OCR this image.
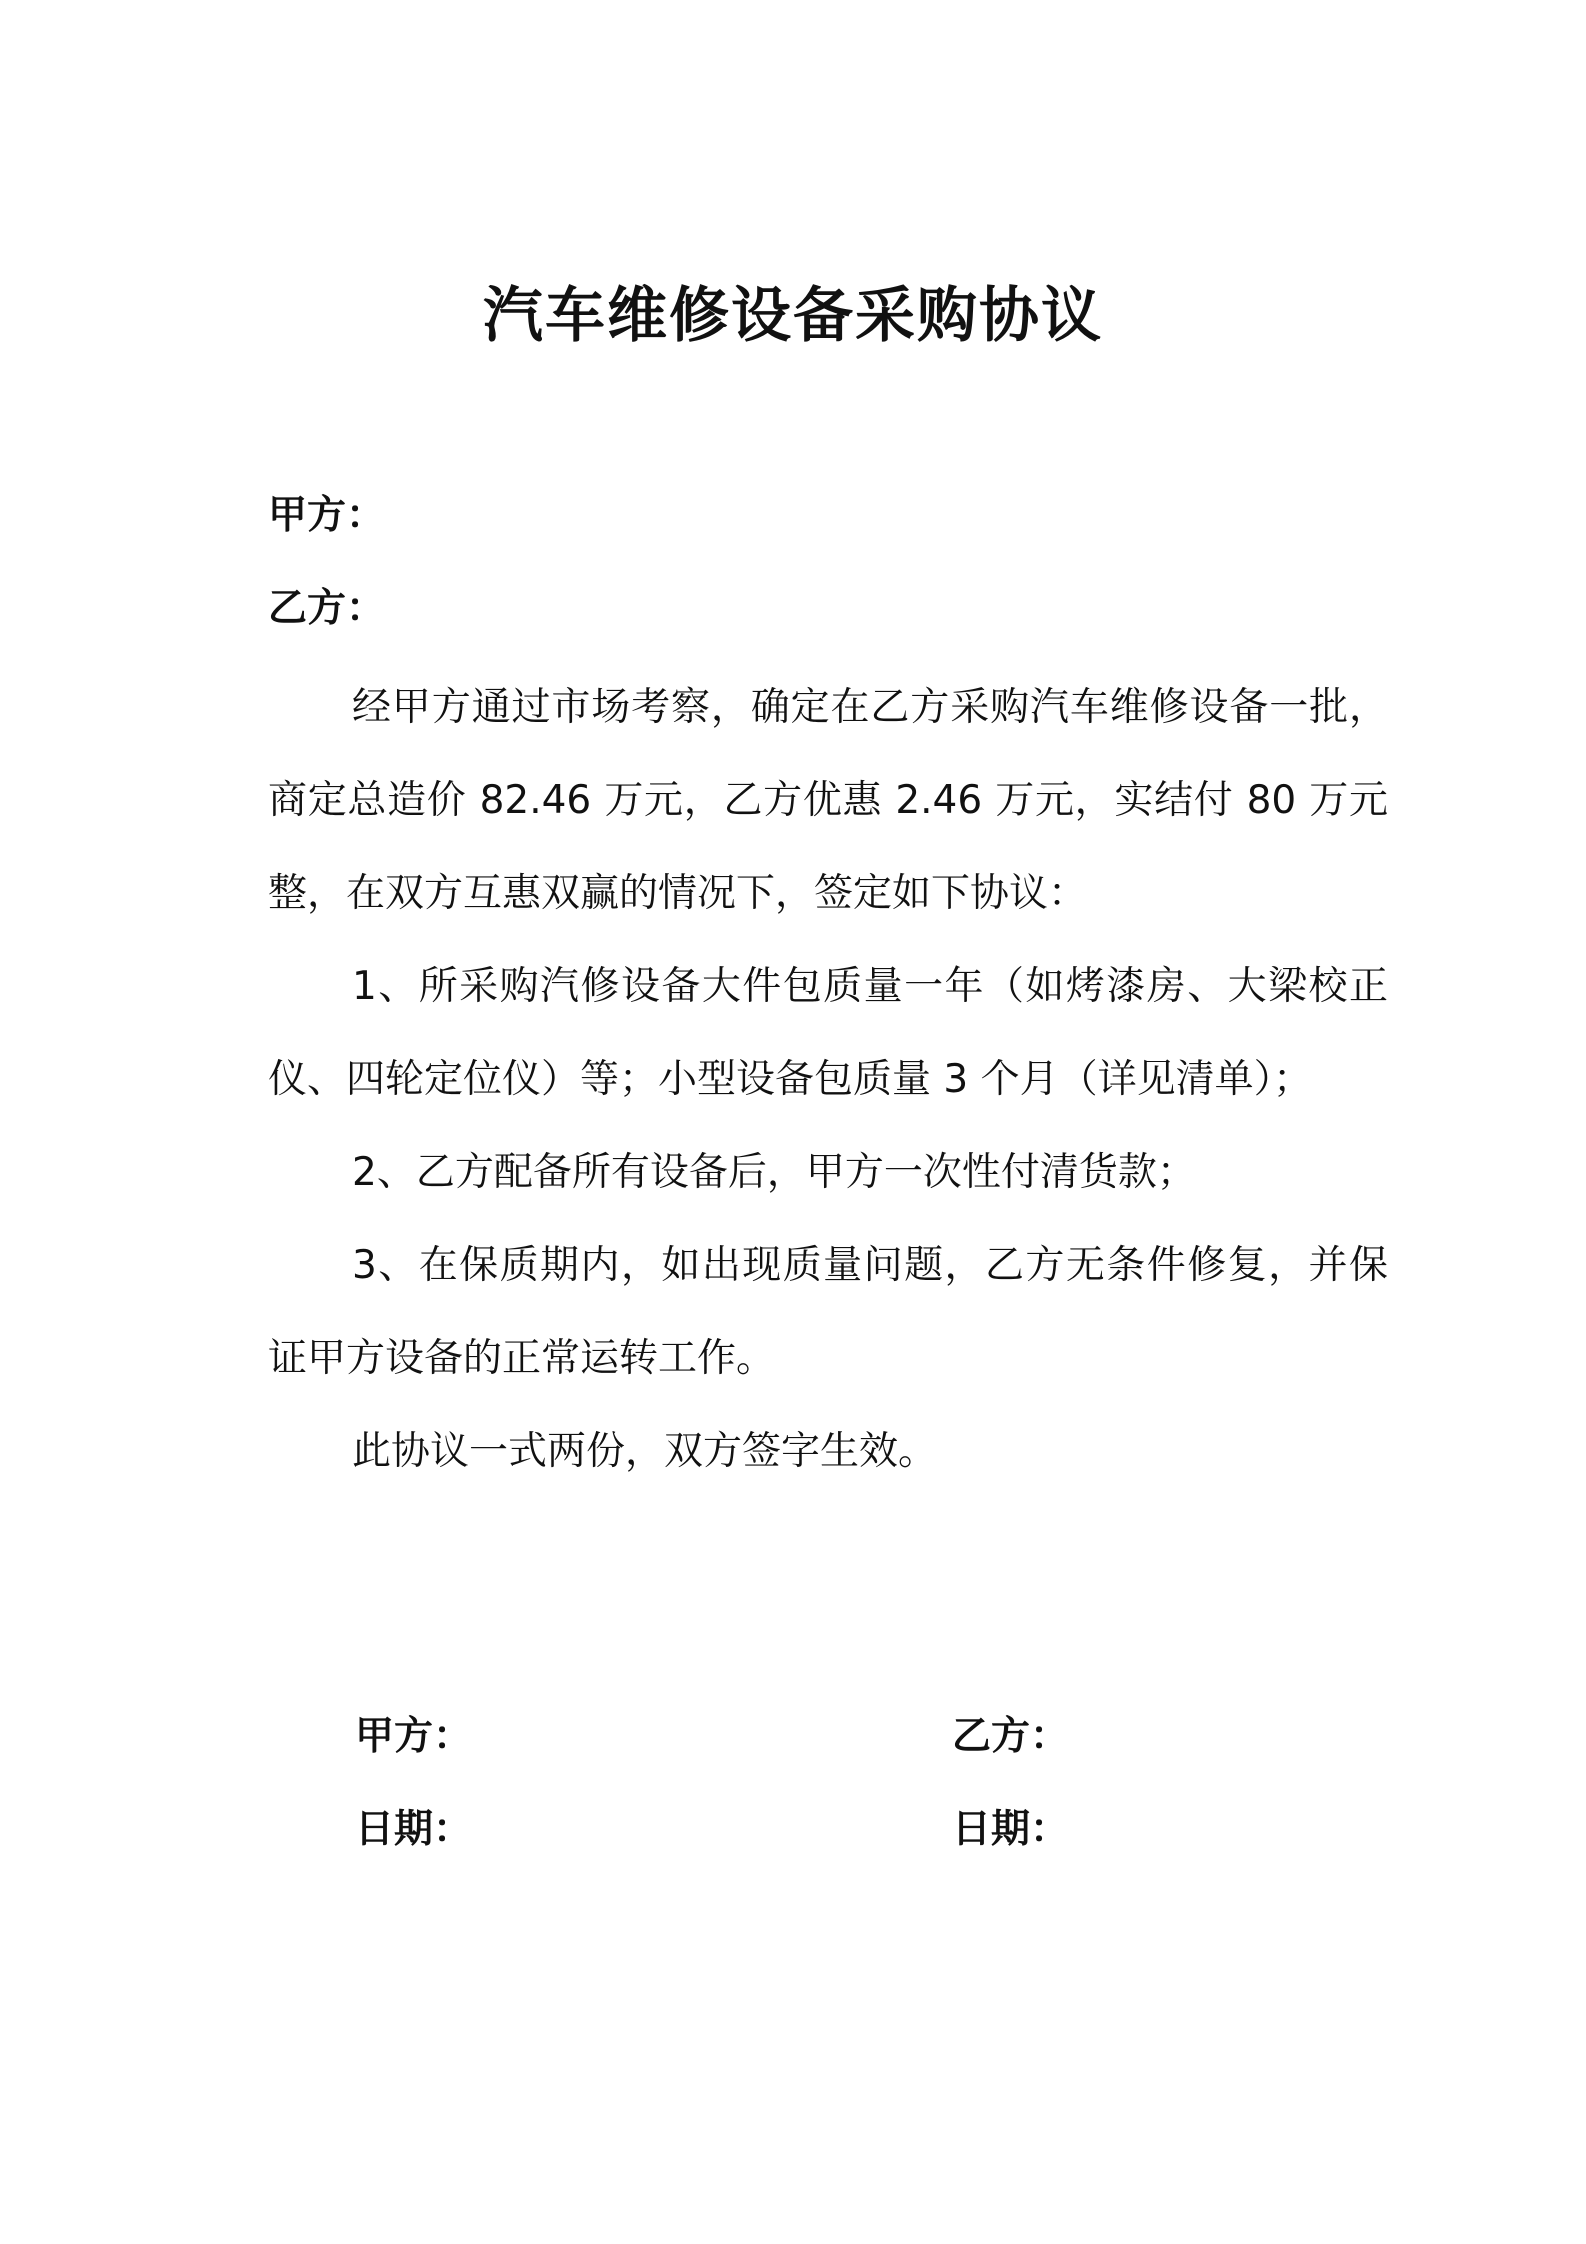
汽车维修设备采购协议
甲方：
乙方：

经甲方通过市场考察，确定在乙方采购汽车维修设备一批，商定总造价 82.46 万元，乙方优惠 2.46 万元，实结付 80 万元整，在双方互惠双赢的情况下，签定如下协议：

1、所采购汽修设备大件包质量一年（如烤漆房、大梁校正仪、四轮定位仪）等；小型设备包质量 3 个月（详见清单）；

2、乙方配备所有设备后，甲方一次性付清货款；

3、在保质期内，如出现质量问题，乙方无条件修复，并保证甲方设备的正常运转工作。

此协议一式两份，双方签字生效。

甲方：
日期：
乙方：
日期：
